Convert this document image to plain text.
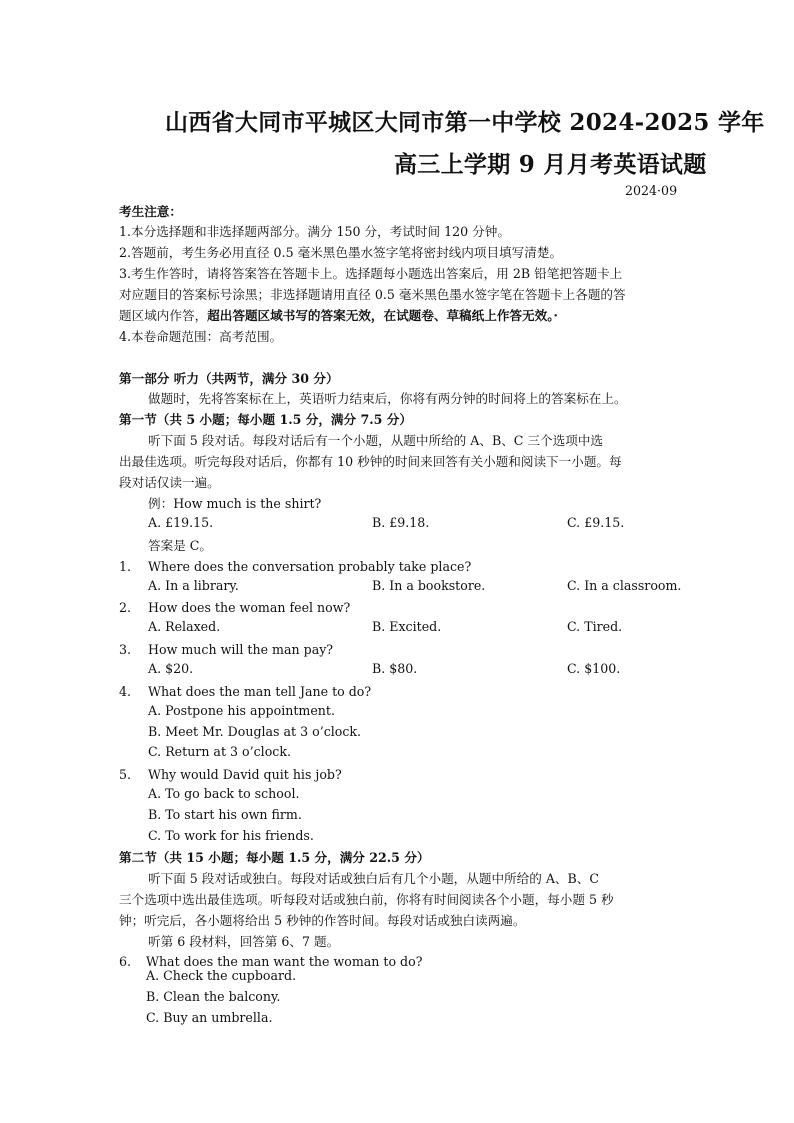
山西省大同市平城区大同市第一中学校 2024-2025 学年
高三上学期 9 月月考英语试题
2024·09
考生注意：
1.本分选择题和非选择题两部分。满分 150 分，考试时间 120 分钟。
2.答题前，考生务必用直径 0.5 毫米黑色墨水签字笔将密封线内项目填写清楚。
3.考生作答时，请将答案答在答题卡上。选择题每小题选出答案后，用 2B 铅笔把答题卡上
对应题目的答案标号涂黑；非选择题请用直径 0.5 毫米黑色墨水签字笔在答题卡上各题的答
题区域内作答，超出答题区域书写的答案无效，在试题卷、草稿纸上作答无效。·
4.本卷命题范围：高考范围。
第一部分 听力（共两节，满分 30 分）
做题时，先将答案标在上，英语听力结束后，你将有两分钟的时间将上的答案标在上。
第一节（共 5 小题；每小题 1.5 分，满分 7.5 分）
听下面 5 段对话。每段对话后有一个小题，从题中所给的 A、B、C 三个选项中选
出最佳选项。听完每段对话后，你都有 10 秒钟的时间来回答有关小题和阅读下一小题。每
段对话仅读一遍。
例：How much is the shirt?
A. £19.15.	B. £9.18.	C. £9.15.
答案是 C。
1. Where does the conversation probably take place?
A. In a library.	B. In a bookstore.	C. In a classroom.
2. How does the woman feel now?
A. Relaxed.	B. Excited.	C. Tired.
3. How much will the man pay?
A. $20.	B. $80.	C. $100.
4. What does the man tell Jane to do?
A. Postpone his appointment.
B. Meet Mr. Douglas at 3 o’clock.
C. Return at 3 o’clock.
5. Why would David quit his job?
A. To go back to school.
B. To start his own firm.
C. To work for his friends.
第二节（共 15 小题；每小题 1.5 分，满分 22.5 分）
听下面 5 段对话或独白。每段对话或独白后有几个小题，从题中所给的 A、B、C
三个选项中选出最佳选项。听每段对话或独白前，你将有时间阅读各个小题，每小题 5 秒
钟；听完后，各小题将给出 5 秒钟的作答时间。每段对话或独白读两遍。
听第 6 段材料，回答第 6、7 题。
6. What does the man want the woman to do?
A. Check the cupboard.
B. Clean the balcony.
C. Buy an umbrella.
